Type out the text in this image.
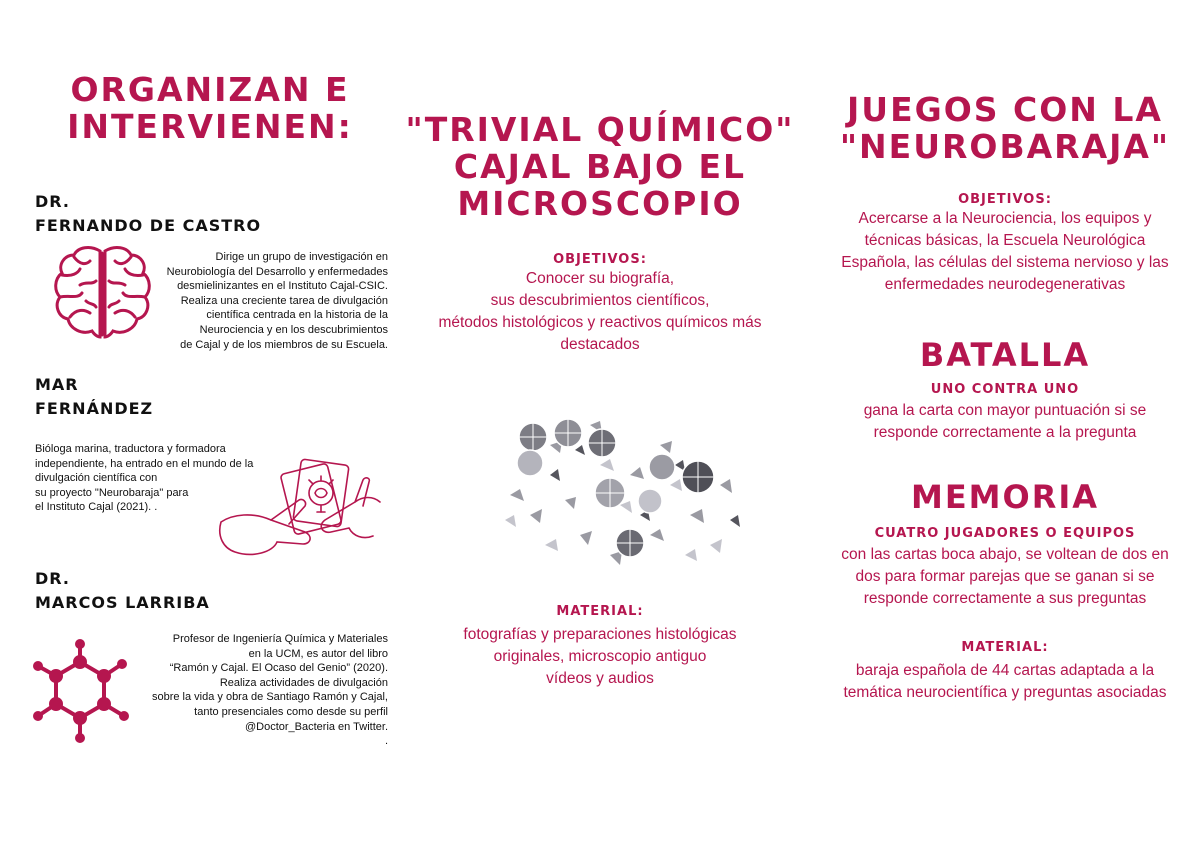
ORGANIZAN E
INTERVIENEN:
DR.
FERNANDO DE CASTRO
Dirige un grupo de investigación en
Neurobiología del Desarrollo y enfermedades
desmielinizantes en el Instituto Cajal-CSIC.
Realiza una creciente tarea de divulgación
científica centrada en la historia de la
Neurociencia y en los descubrimientos
de Cajal y de los miembros de su Escuela.
MAR
FERNÁNDEZ
Bióloga marina, traductora y formadora
independiente, ha entrado en el mundo de la
divulgación científica con
su proyecto "Neurobaraja" para
el Instituto Cajal (2021). .
DR.
MARCOS LARRIBA
Profesor de Ingeniería Química y Materiales
en la UCM, es autor del libro
“Ramón y Cajal. El Ocaso del Genio” (2020).
Realiza actividades de divulgación
sobre la vida y obra de Santiago Ramón y Cajal,
tanto presenciales como desde su perfil
@Doctor_Bacteria en Twitter.
.
"TRIVIAL QUÍMICO"
CAJAL BAJO EL
MICROSCOPIO
OBJETIVOS:
Conocer su biografía,
sus descubrimientos científicos,
métodos histológicos y reactivos químicos más
destacados
MATERIAL:
fotografías y preparaciones histológicas
originales, microscopio antiguo
vídeos y audios
JUEGOS CON LA
"NEUROBARAJA"
OBJETIVOS:
Acercarse a la Neurociencia, los equipos y
técnicas básicas, la Escuela Neurológica
Española, las células del sistema nervioso y las
enfermedades neurodegenerativas
BATALLA
UNO CONTRA UNO
gana la carta con mayor puntuación si se
responde correctamente a la pregunta
MEMORIA
CUATRO JUGADORES O EQUIPOS
con las cartas boca abajo, se voltean de dos en
dos para formar parejas que se ganan si se
responde correctamente a sus preguntas
MATERIAL:
baraja española de 44 cartas adaptada a la
temática neurocientífica y preguntas asociadas
